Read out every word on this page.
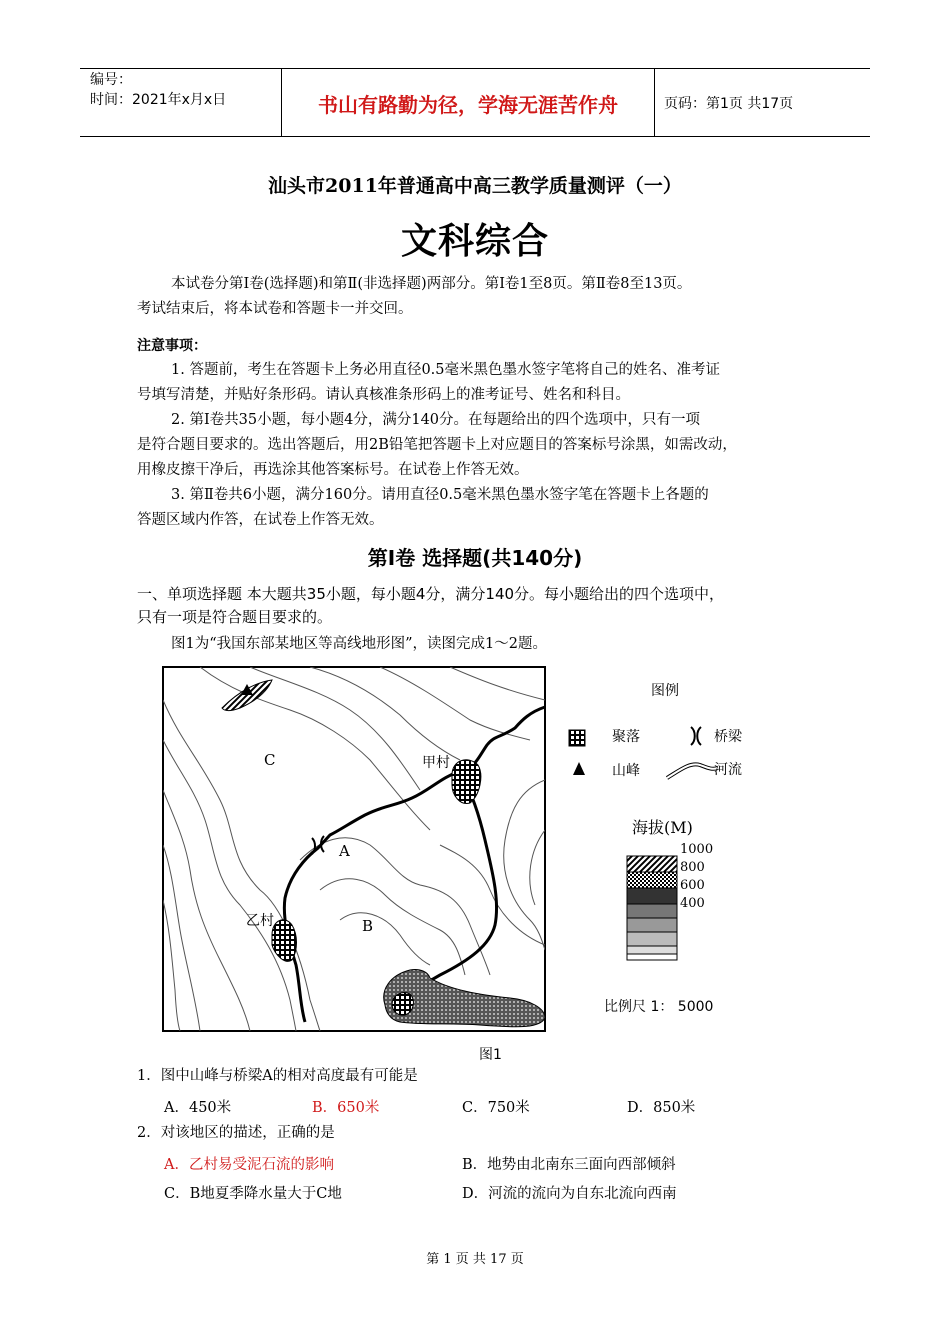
编号：
时间：2021年x月x日	书山有路勤为径，学海无涯苦作舟	页码：第1页 共17页
汕头市2011年普通高中高三教学质量测评（一）
文科综合
本试卷分第Ⅰ卷(选择题)和第Ⅱ(非选择题)两部分。第Ⅰ卷1至8页。第Ⅱ卷8至13页。
考试结束后，将本试卷和答题卡一并交回。
注意事项：
1. 答题前，考生在答题卡上务必用直径0.5毫米黑色墨水签字笔将自己的姓名、准考证
号填写清楚，并贴好条形码。请认真核准条形码上的准考证号、姓名和科目。
2. 第Ⅰ卷共35小题，每小题4分，满分140分。在每题给出的四个选项中，只有一项
是符合题目要求的。选出答题后，用2B铅笔把答题卡上对应题目的答案标号涂黑，如需改动，
用橡皮擦干净后，再选涂其他答案标号。在试卷上作答无效。
3. 第Ⅱ卷共6小题，满分160分。请用直径0.5毫米黑色墨水签字笔在答题卡上各题的
答题区域内作答，在试卷上作答无效。
第Ⅰ卷 选择题(共140分)
一、单项选择题 本大题共35小题，每小题4分，满分140分。每小题给出的四个选项中，
只有一项是符合题目要求的。
图1为“我国东部某地区等高线地形图”，读图完成1～2题。
C
A
B
甲村
乙村
图例
聚落	桥梁
山峰	河流
海拔(M)
1000
800
600
400
比例尺 1： 5000
图1
1．图中山峰与桥梁A的相对高度最有可能是
A．450米	B．650米	C．750米	D．850米
2．对该地区的描述，正确的是
A．乙村易受泥石流的影响	B．地势由北南东三面向西部倾斜
C．B地夏季降水量大于C地	D．河流的流向为自东北流向西南
第 1 页 共 17 页
